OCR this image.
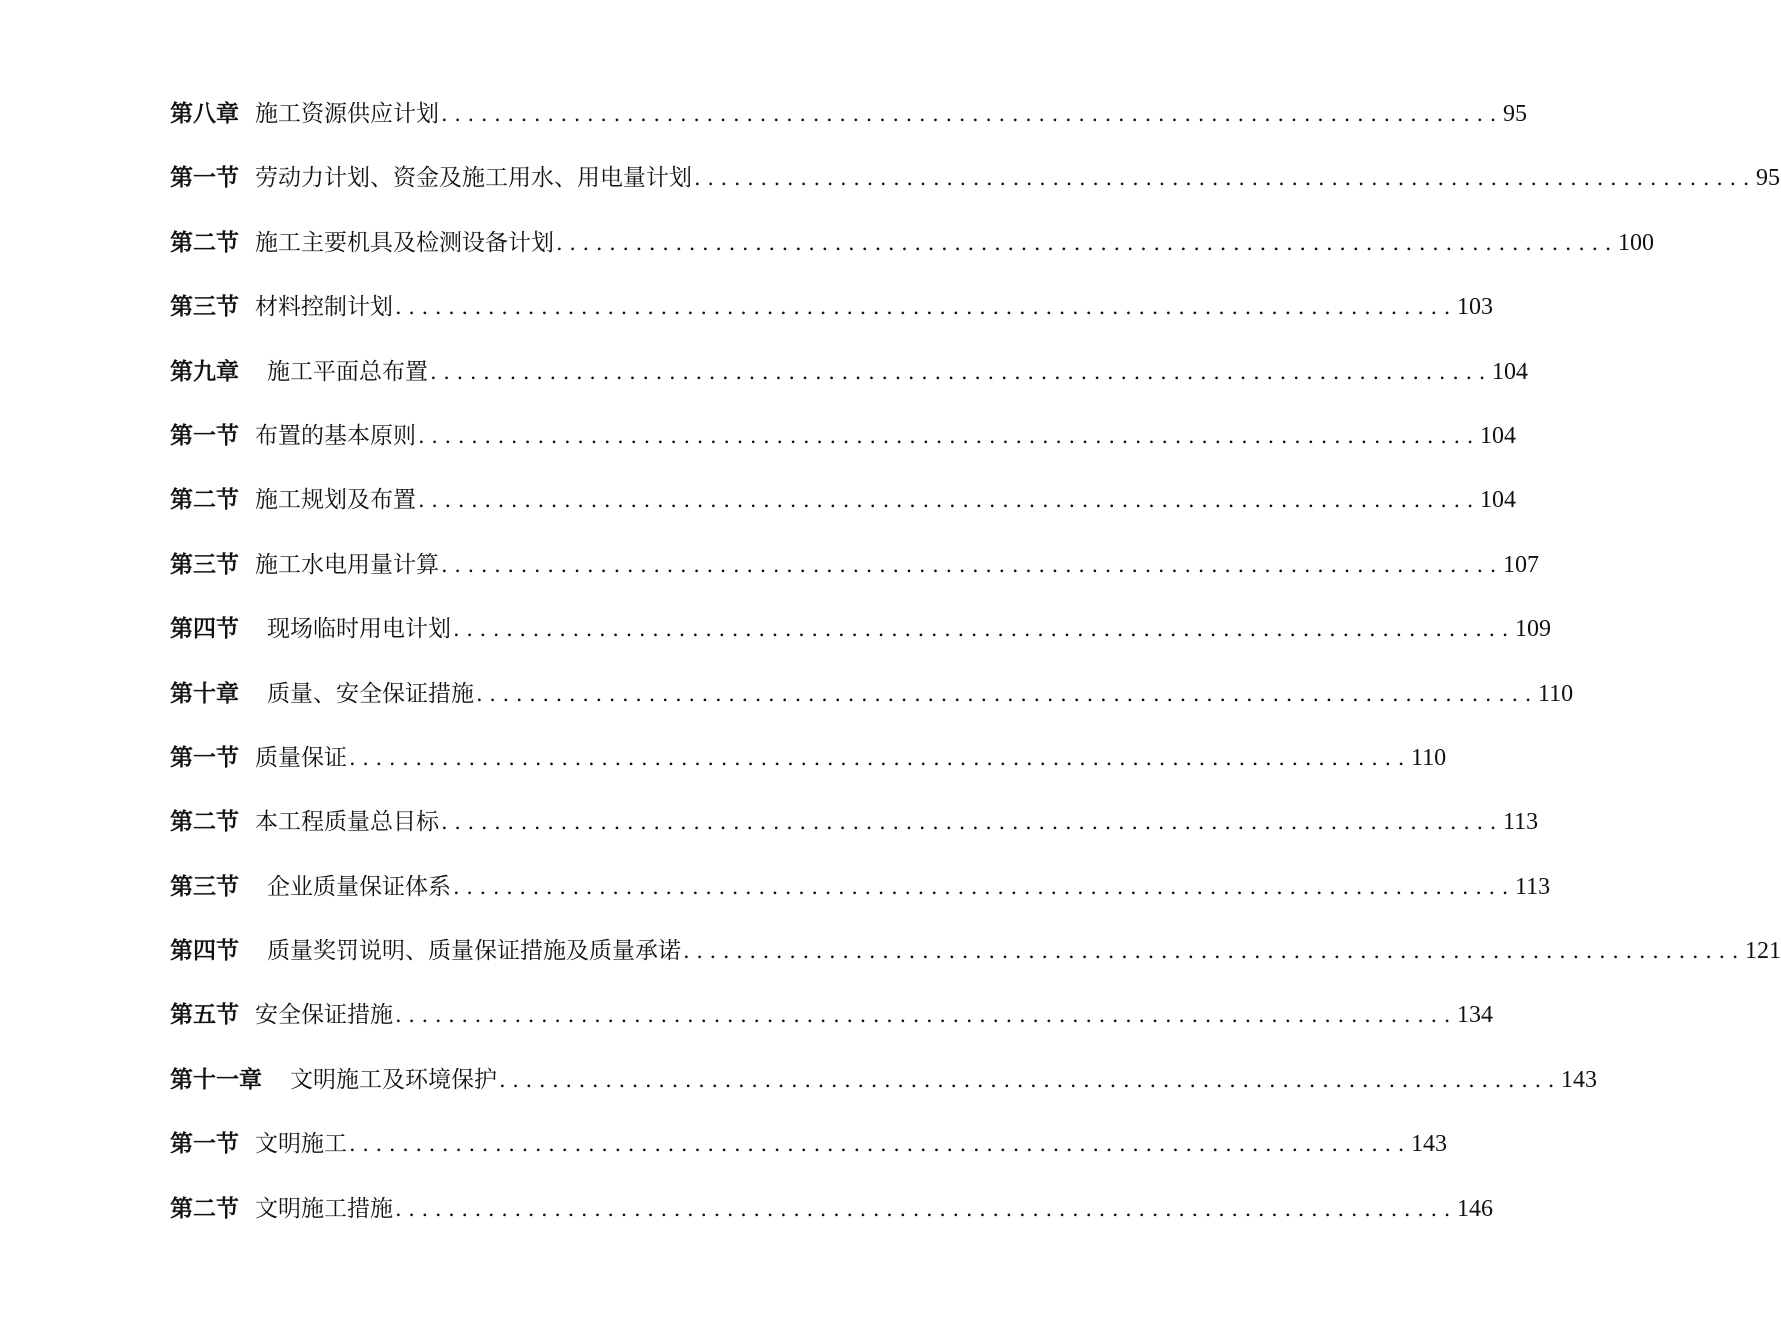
第八章 施工资源供应计划 ................................................................................ 95
第一节 劳动力计划、资金及施工用水、用电量计划 ................................................................................ 95
第二节 施工主要机具及检测设备计划 ................................................................................ 100
第三节 材料控制计划 ................................................................................ 103
第九章 施工平面总布置 ................................................................................ 104
第一节 布置的基本原则 ................................................................................ 104
第二节 施工规划及布置 ................................................................................ 104
第三节 施工水电用量计算 ................................................................................ 107
第四节 现场临时用电计划 ................................................................................ 109
第十章 质量、安全保证措施 ................................................................................ 110
第一节 质量保证 ................................................................................ 110
第二节 本工程质量总目标 ................................................................................ 113
第三节 企业质量保证体系 ................................................................................ 113
第四节 质量奖罚说明、质量保证措施及质量承诺 ................................................................................ 121
第五节 安全保证措施 ................................................................................ 134
第十一章 文明施工及环境保护 ................................................................................ 143
第一节 文明施工 ................................................................................ 143
第二节 文明施工措施 ................................................................................ 146
